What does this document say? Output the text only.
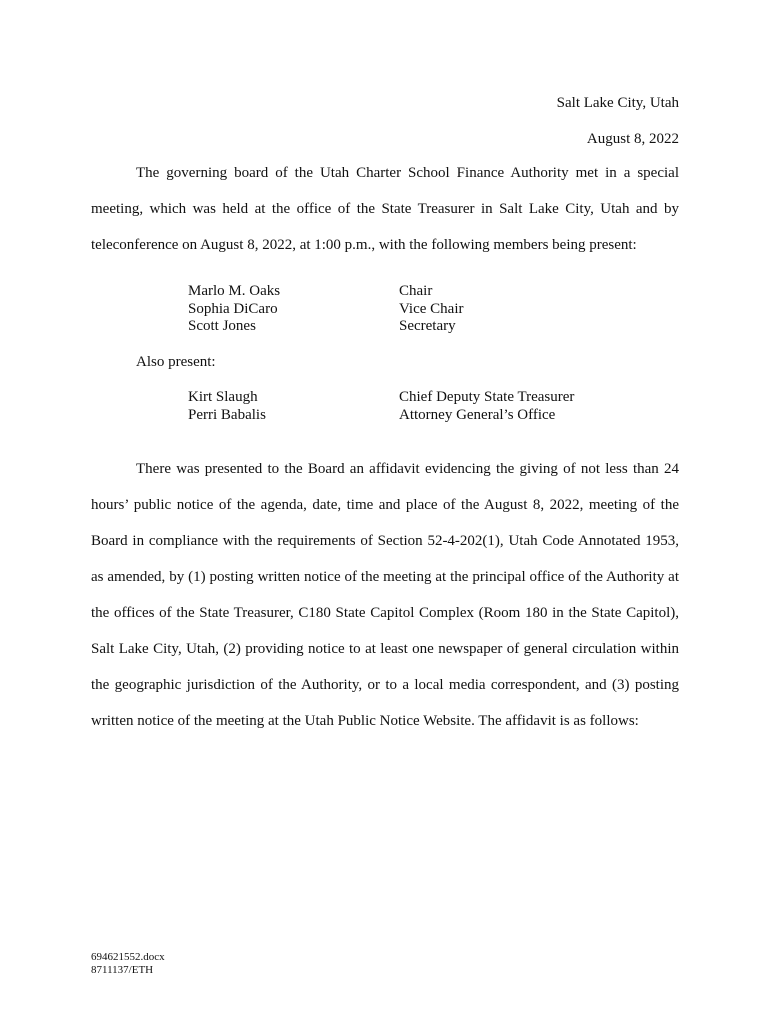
Salt Lake City, Utah
August 8, 2022

The governing board of the Utah Charter School Finance Authority met in a special meeting, which was held at the office of the State Treasurer in Salt Lake City, Utah and by teleconference on August 8, 2022, at 1:00 p.m., with the following members being present:

Marlo M. Oaks	Chair
Sophia DiCaro	Vice Chair
Scott Jones	Secretary
Also present:
Kirt Slaugh	Chief Deputy State Treasurer
Perri Babalis	Attorney General’s Office

There was presented to the Board an affidavit evidencing the giving of not less than 24 hours’ public notice of the agenda, date, time and place of the August 8, 2022, meeting of the Board in compliance with the requirements of Section 52-4-202(1), Utah Code Annotated 1953, as amended, by (1) posting written notice of the meeting at the principal office of the Authority at the offices of the State Treasurer, C180 State Capitol Complex (Room 180 in the State Capitol), Salt Lake City, Utah, (2) providing notice to at least one newspaper of general circulation within the geographic jurisdiction of the Authority, or to a local media correspondent, and (3) posting written notice of the meeting at the Utah Public Notice Website. The affidavit is as follows:

694621552.docx
8711137/ETH
